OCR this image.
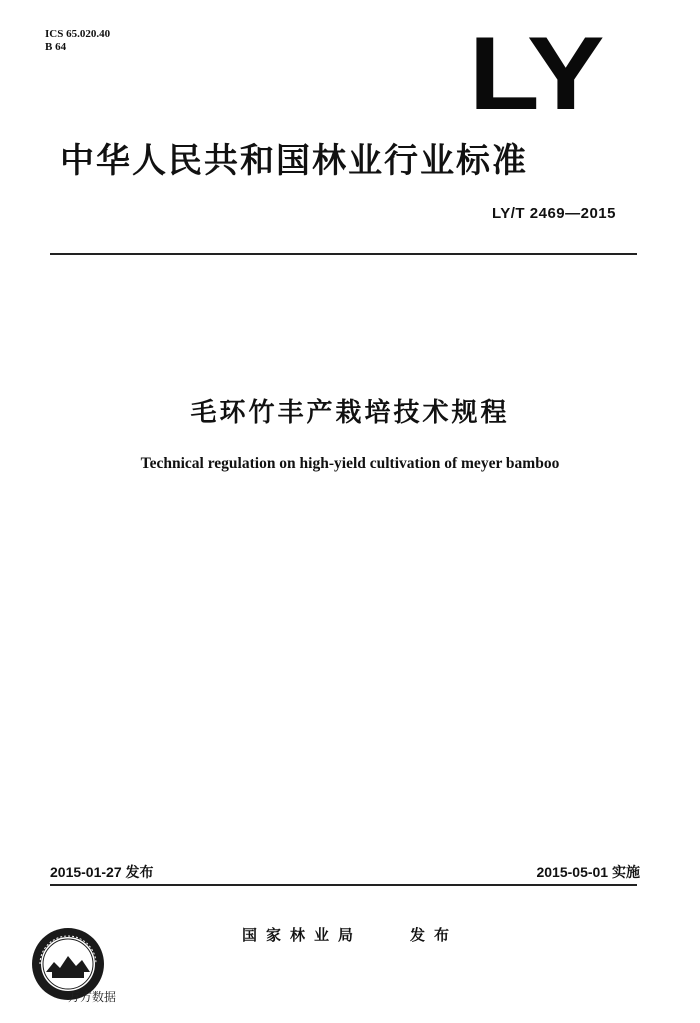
ICS 65.020.40
B 64	LY
中华人民共和国林业行业标准
LY/T 2469—2015
毛环竹丰产栽培技术规程
Technical regulation on high-yield cultivation of meyer bamboo
2015-01-27 发布	2015-05-01 实施
国家林业局	发布
万方数据
